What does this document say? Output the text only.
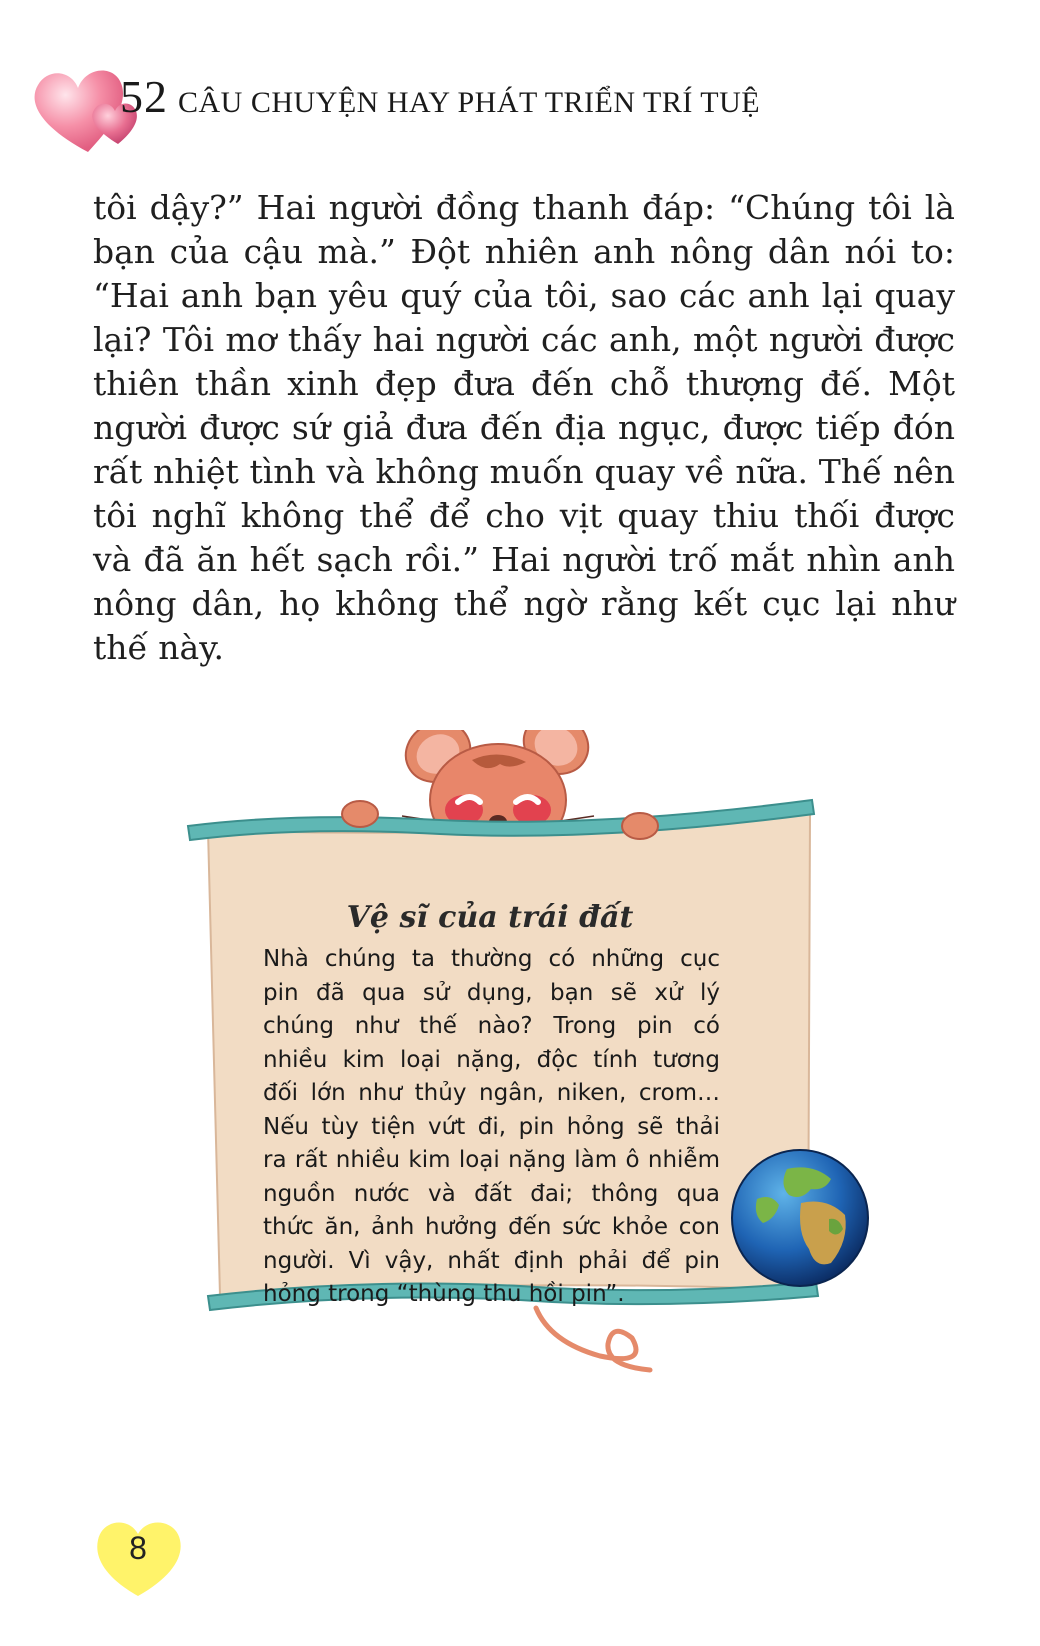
52 CÂU CHUYỆN HAY PHÁT TRIỂN TRÍ TUỆ
tôi dậy?” Hai người đồng thanh đáp: “Chúng tôi là
bạn của cậu mà.” Đột nhiên anh nông dân nói to:
“Hai anh bạn yêu quý của tôi, sao các anh lại quay
lại? Tôi mơ thấy hai người các anh, một người được
thiên thần xinh đẹp đưa đến chỗ thượng đế. Một
người được sứ giả đưa đến địa ngục, được tiếp đón
rất nhiệt tình và không muốn quay về nữa. Thế nên
tôi nghĩ không thể để cho vịt quay thiu thối được
và đã ăn hết sạch rồi.” Hai người trố mắt nhìn anh
nông dân, họ không thể ngờ rằng kết cục lại như
thế này.
Vệ sĩ của trái đất
Nhà chúng ta thường có những cục
pin đã qua sử dụng, bạn sẽ xử lý
chúng như thế nào? Trong pin có
nhiều kim loại nặng, độc tính tương
đối lớn như thủy ngân, niken, crom…
Nếu tùy tiện vứt đi, pin hỏng sẽ thải
ra rất nhiều kim loại nặng làm ô nhiễm
nguồn nước và đất đai; thông qua
thức ăn, ảnh hưởng đến sức khỏe con
người. Vì vậy, nhất định phải để pin
hỏng trong “thùng thu hồi pin”.
8
